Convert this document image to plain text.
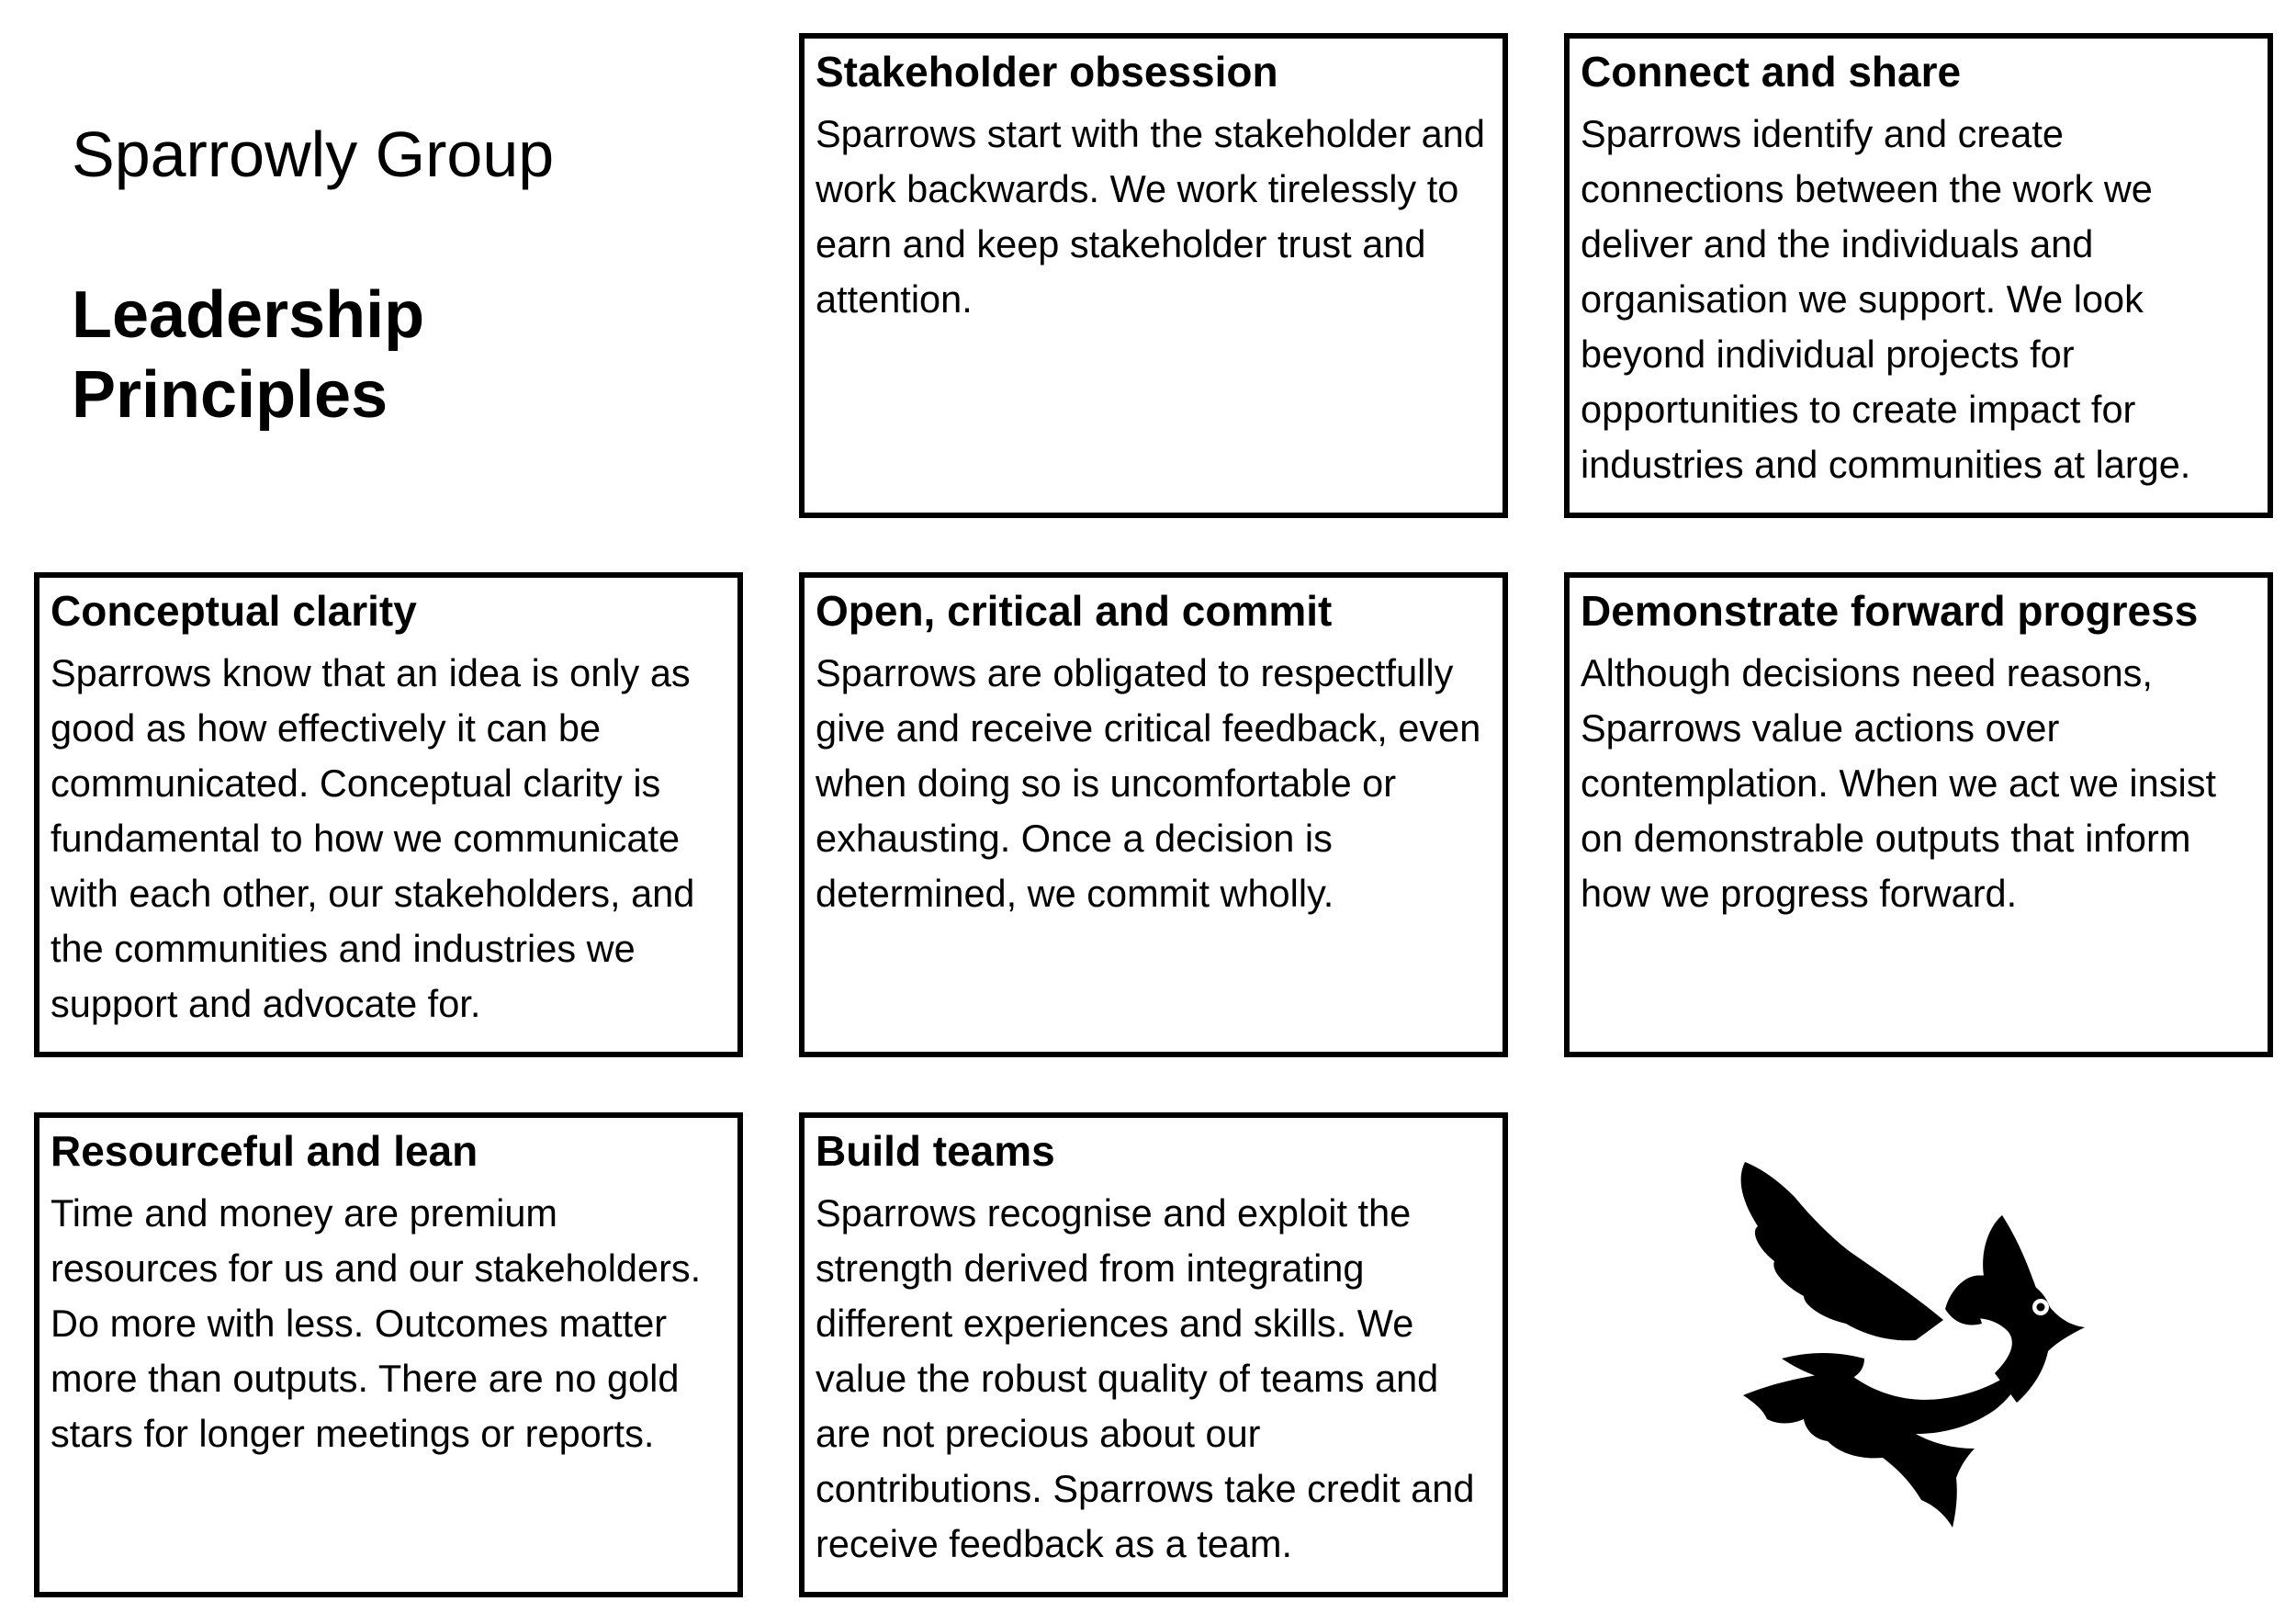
Sparrowly Group
Leadership Principles
Stakeholder obsession
Sparrows start with the stakeholder and work backwards. We work tirelessly to earn and keep stakeholder trust and attention.
Connect and share
Sparrows identify and create connections between the work we deliver and the individuals and organisation we support. We look beyond individual projects for opportunities to create impact for industries and communities at large.
Conceptual clarity
Sparrows know that an idea is only as good as how effectively it can be communicated. Conceptual clarity is fundamental to how we communicate with each other, our stakeholders, and the communities and industries we support and advocate for.
Open, critical and commit
Sparrows are obligated to respectfully give and receive critical feedback, even when doing so is uncomfortable or exhausting. Once a decision is determined, we commit wholly.
Demonstrate forward progress
Although decisions need reasons, Sparrows value actions over contemplation. When we act we insist on demonstrable outputs that inform how we progress forward.
Resourceful and lean
Time and money are premium resources for us and our stakeholders. Do more with less. Outcomes matter more than outputs. There are no gold stars for longer meetings or reports.
Build teams
Sparrows recognise and exploit the strength derived from integrating different experiences and skills. We value the robust quality of teams and are not precious about our contributions. Sparrows take credit and receive feedback as a team.
